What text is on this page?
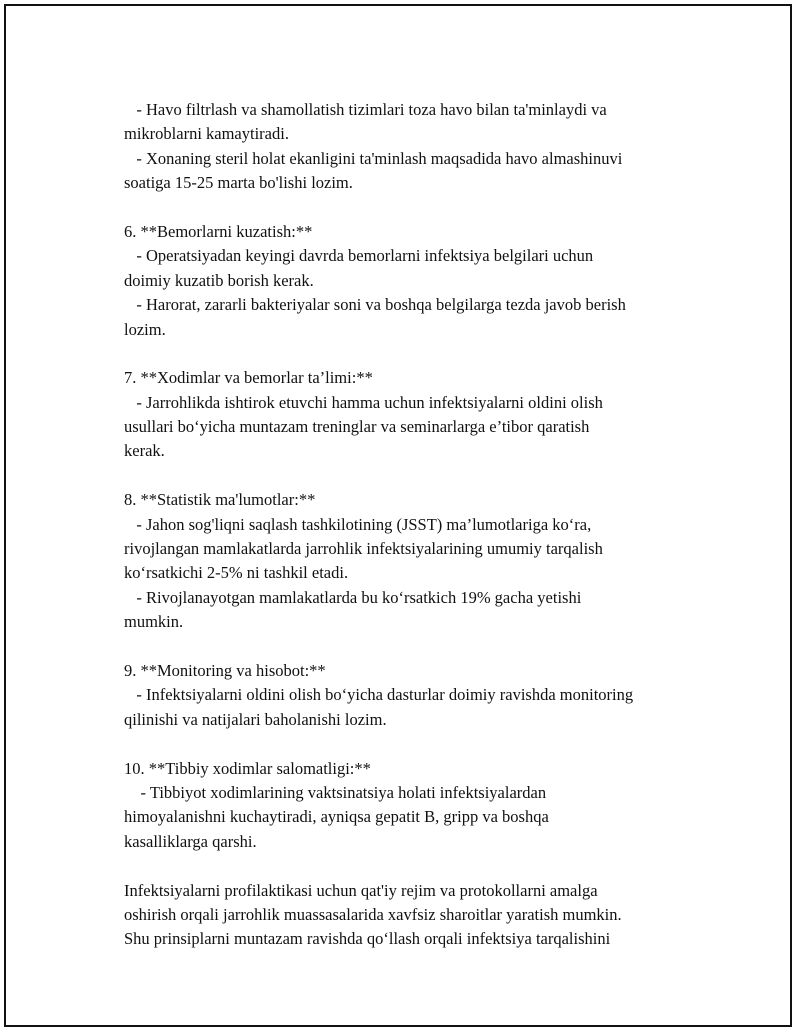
- Havo filtrlash va shamollatish tizimlari toza havo bilan ta'minlaydi va
mikroblarni kamaytiradi.
- Xonaning steril holat ekanligini ta'minlash maqsadida havo almashinuvi
soatiga 15-25 marta bo'lishi lozim.
6. **Bemorlarni kuzatish:**
- Operatsiyadan keyingi davrda bemorlarni infektsiya belgilari uchun
doimiy kuzatib borish kerak.
- Harorat, zararli bakteriyalar soni va boshqa belgilarga tezda javob berish
lozim.
7. **Xodimlar va bemorlar ta’limi:**
- Jarrohlikda ishtirok etuvchi hamma uchun infektsiyalarni oldini olish
usullari bo‘yicha muntazam treninglar va seminarlarga e’tibor qaratish
kerak.
8. **Statistik ma'lumotlar:**
- Jahon sog'liqni saqlash tashkilotining (JSST) ma’lumotlariga ko‘ra,
rivojlangan mamlakatlarda jarrohlik infektsiyalarining umumiy tarqalish
ko‘rsatkichi 2-5% ni tashkil etadi.
- Rivojlanayotgan mamlakatlarda bu ko‘rsatkich 19% gacha yetishi
mumkin.
9. **Monitoring va hisobot:**
- Infektsiyalarni oldini olish bo‘yicha dasturlar doimiy ravishda monitoring
qilinishi va natijalari baholanishi lozim.
10. **Tibbiy xodimlar salomatligi:**
- Tibbiyot xodimlarining vaktsinatsiya holati infektsiyalardan
himoyalanishni kuchaytiradi, ayniqsa gepatit B, gripp va boshqa
kasalliklarga qarshi.
Infektsiyalarni profilaktikasi uchun qat'iy rejim va protokollarni amalga
oshirish orqali jarrohlik muassasalarida xavfsiz sharoitlar yaratish mumkin.
Shu prinsiplarni muntazam ravishda qo‘llash orqali infektsiya tarqalishini
